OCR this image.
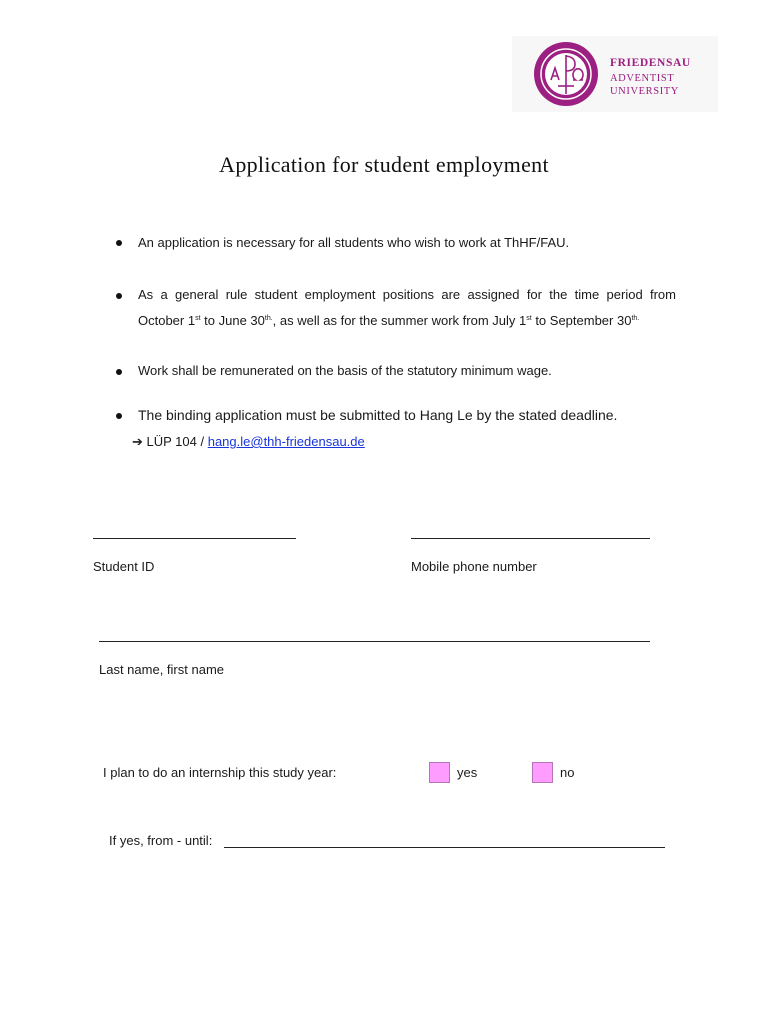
FRIEDENSAU
ADVENTIST
UNIVERSITY
Application for student employment
An application is necessary for all students who wish to work at ThHF/FAU.
As a general rule student employment positions are assigned for the time period from
October 1st to June $30^{th.}$, as well as for the summer work from July 1st to September $30^{th.}$
Work shall be remunerated on the basis of the statutory minimum wage.
The binding application must be submitted to Hang Le by the stated deadline.
➔ LÜP 104 / hang.le@thh-friedensau.de
Student ID	Mobile phone number
Last name, first name
I plan to do an internship this study year:	yes	no
If yes, from - until:
